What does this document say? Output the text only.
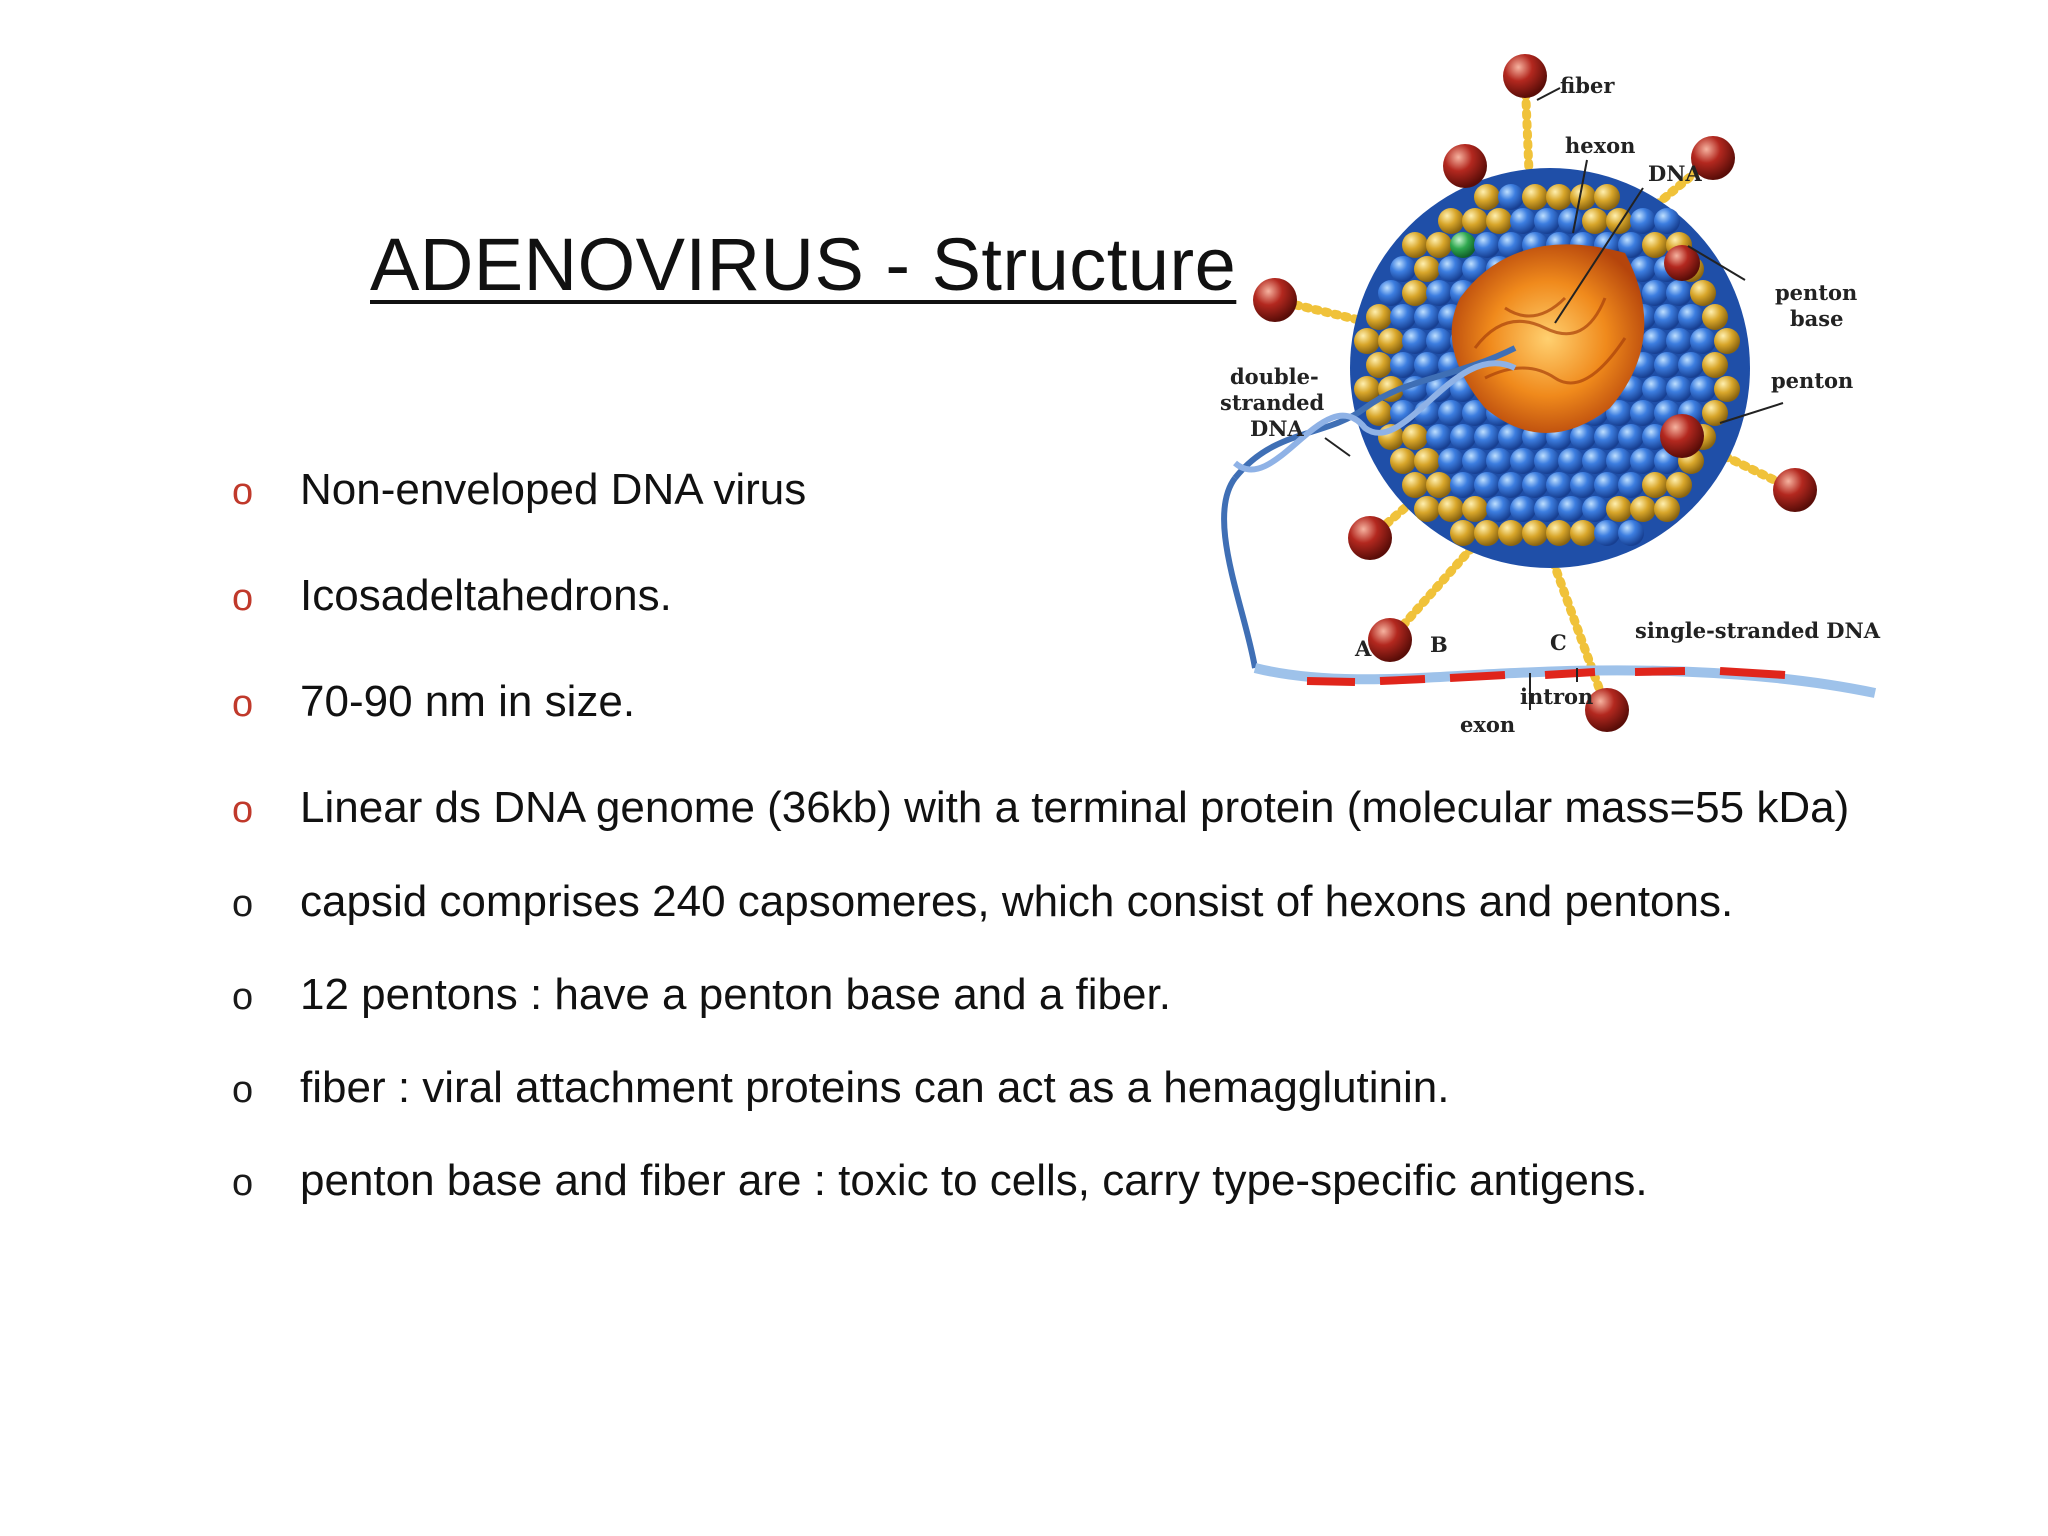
ADENOVIRUS - Structure
o Non-enveloped DNA virus
o Icosadeltahedrons.
o 70-90 nm in size.
o Linear ds DNA genome (36kb) with a terminal protein (molecular mass=55 kDa)
o capsid comprises 240 capsomeres, which consist of hexons and pentons.
o 12 pentons : have a penton base and a fiber.
o fiber : viral attachment proteins can act as a hemagglutinin.
o penton base and fiber are : toxic to cells, carry type-specific antigens.
fiber
hexon
DNA
penton
base
penton
double-
stranded
DNA
single-stranded DNA
A	B	C
intron
exon
